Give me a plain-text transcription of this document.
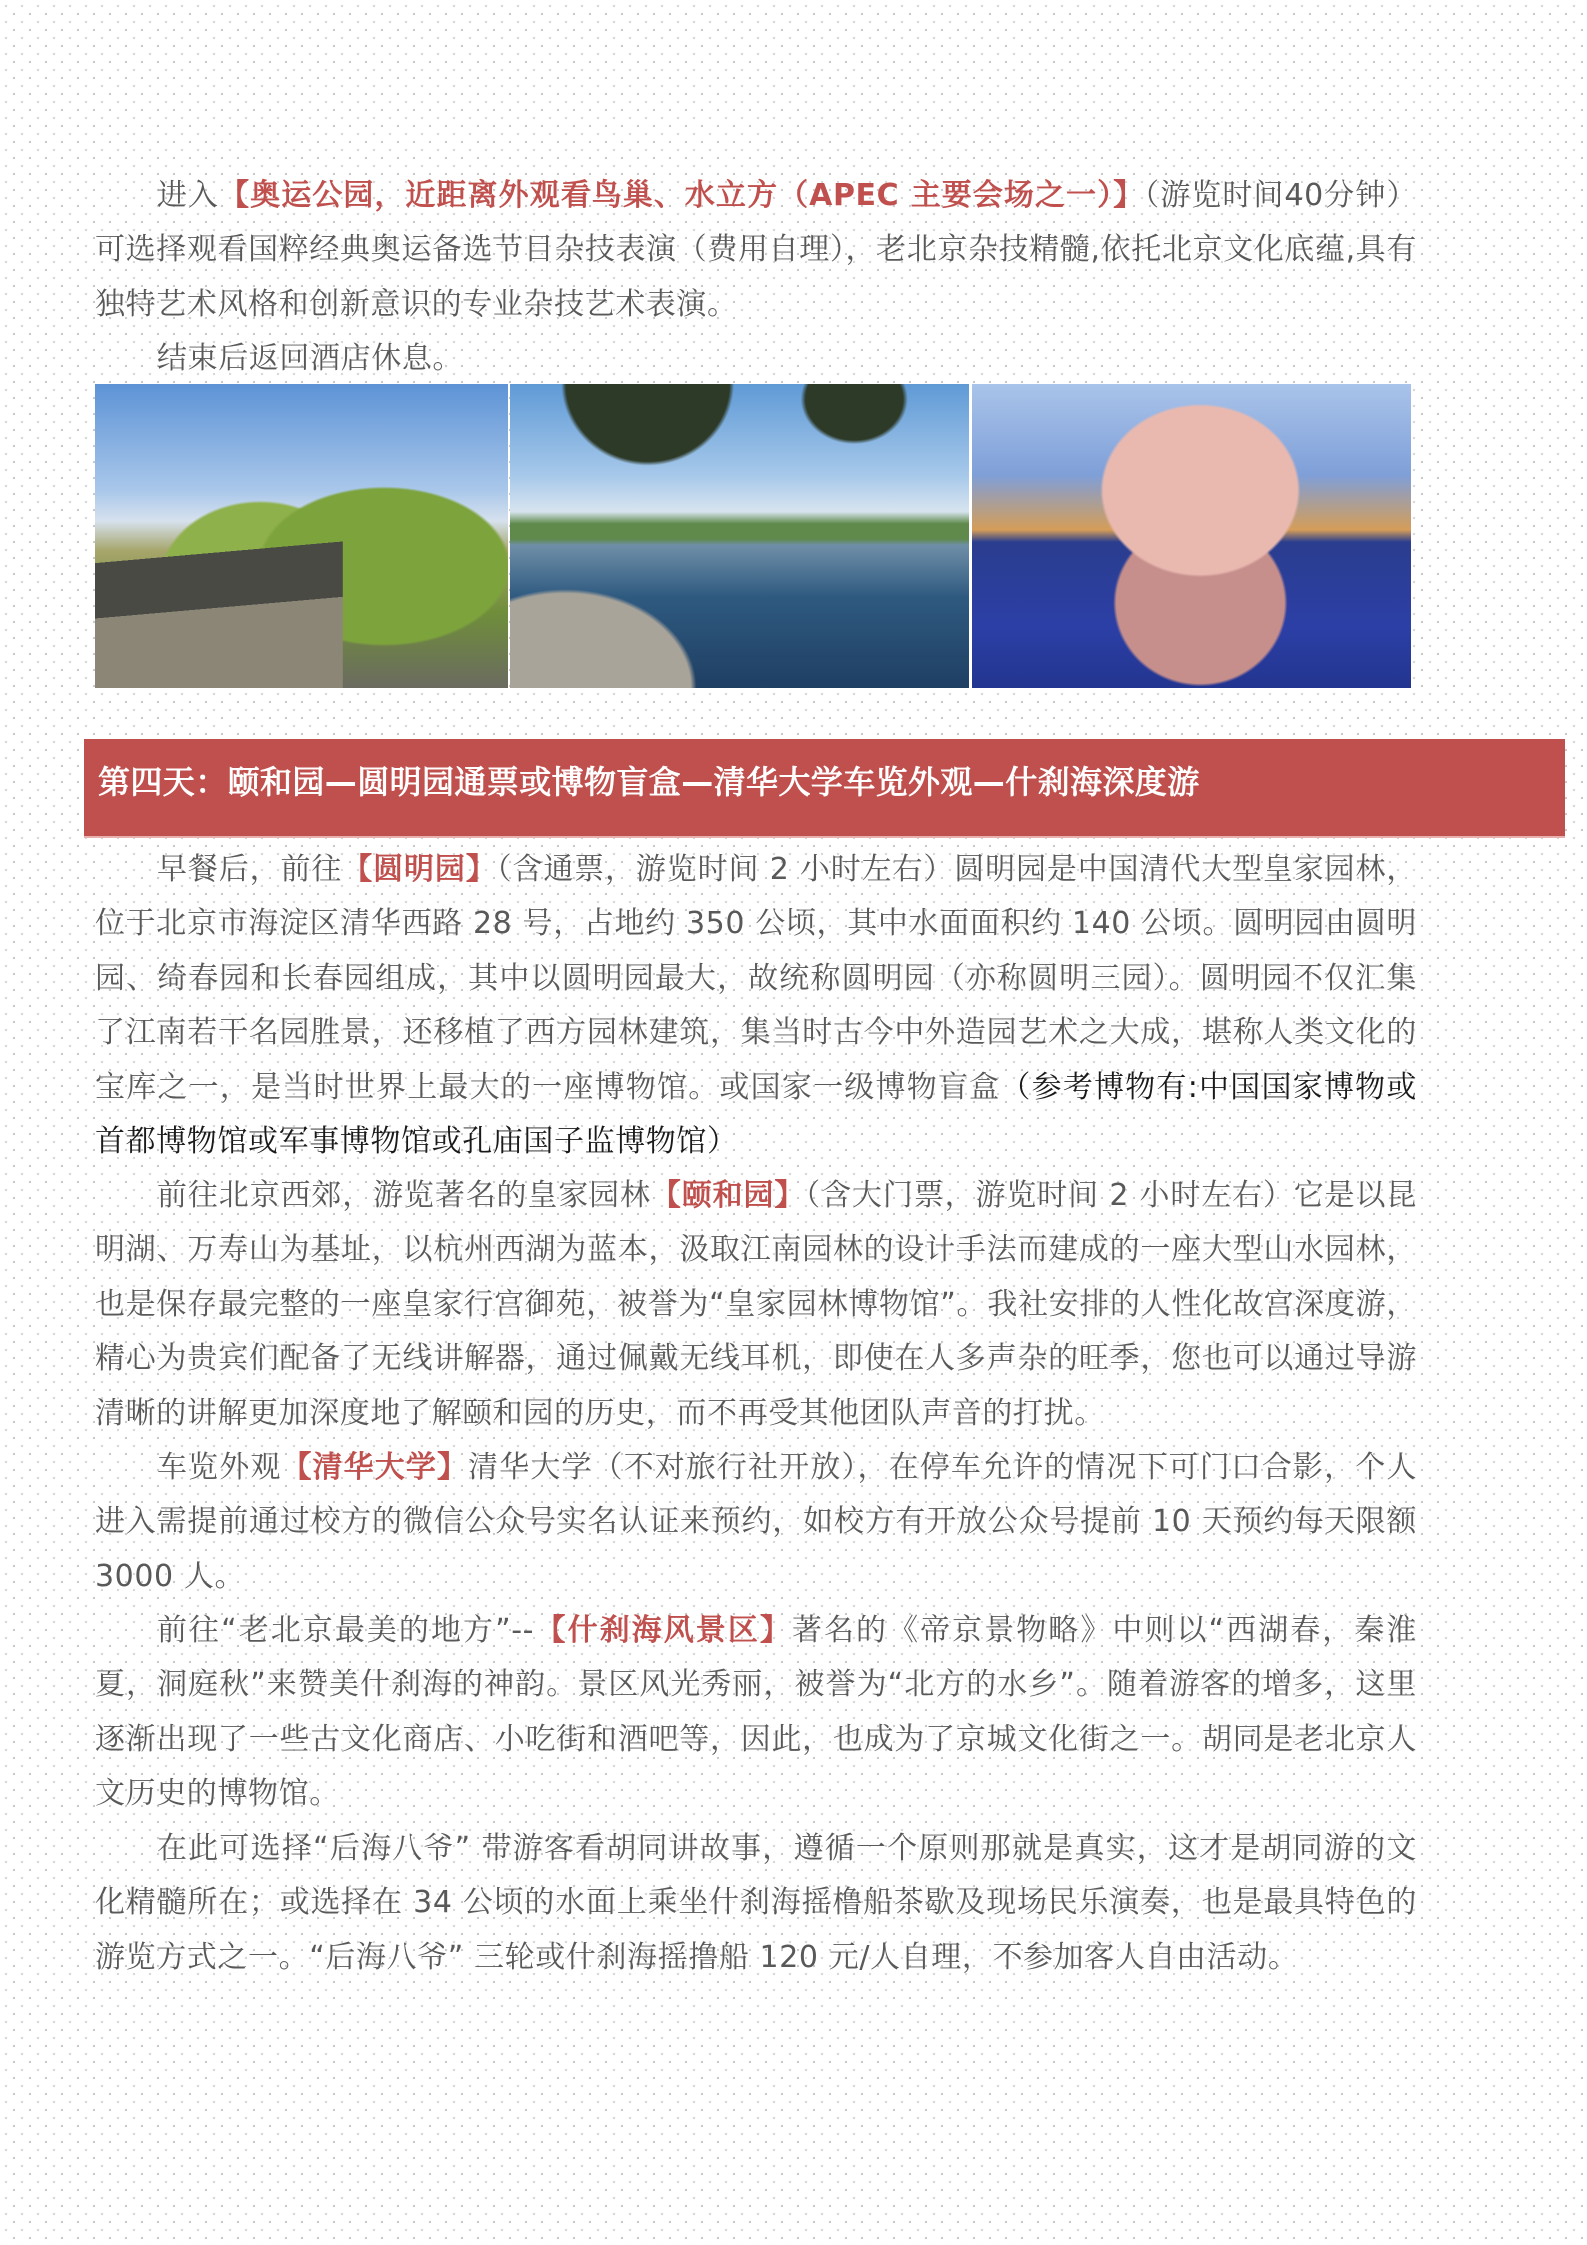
进入【奥运公园，近距离外观看鸟巢、水立方（APEC 主要会场之一）】（游览时间40分钟）可选择观看国粹经典奥运备选节目杂技表演（费用自理），老北京杂技精髓,依托北京文化底蕴,具有独特艺术风格和创新意识的专业杂技艺术表演。

结束后返回酒店休息。

第四天：颐和园—圆明园通票或博物盲盒—清华大学车览外观—什刹海深度游

早餐后，前往【圆明园】（含通票，游览时间 2 小时左右）圆明园是中国清代大型皇家园林，位于北京市海淀区清华西路 28 号，占地约 350 公顷，其中水面面积约 140 公顷。圆明园由圆明园、绮春园和长春园组成，其中以圆明园最大，故统称圆明园（亦称圆明三园）。圆明园不仅汇集了江南若干名园胜景，还移植了西方园林建筑，集当时古今中外造园艺术之大成，堪称人类文化的宝库之一，是当时世界上最大的一座博物馆。或国家一级博物盲盒（参考博物有:中国国家博物或首都博物馆或军事博物馆或孔庙国子监博物馆）

前往北京西郊，游览著名的皇家园林【颐和园】（含大门票，游览时间 2 小时左右）它是以昆明湖、万寿山为基址，以杭州西湖为蓝本，汲取江南园林的设计手法而建成的一座大型山水园林，也是保存最完整的一座皇家行宫御苑，被誉为“皇家园林博物馆”。我社安排的人性化故宫深度游，精心为贵宾们配备了无线讲解器，通过佩戴无线耳机，即使在人多声杂的旺季，您也可以通过导游清晰的讲解更加深度地了解颐和园的历史，而不再受其他团队声音的打扰。

车览外观【清华大学】清华大学（不对旅行社开放），在停车允许的情况下可门口合影，个人进入需提前通过校方的微信公众号实名认证来预约，如校方有开放公众号提前 10 天预约每天限额 3000 人。

前往“老北京最美的地方”--【什刹海风景区】著名的《帝京景物略》中则以“西湖春，秦淮夏，洞庭秋”来赞美什刹海的神韵。景区风光秀丽，被誉为“北方的水乡”。随着游客的增多，这里逐渐出现了一些古文化商店、小吃街和酒吧等，因此，也成为了京城文化街之一。胡同是老北京人文历史的博物馆。

在此可选择“后海八爷” 带游客看胡同讲故事，遵循一个原则那就是真实，这才是胡同游的文化精髓所在；或选择在 34 公顷的水面上乘坐什刹海摇橹船茶歇及现场民乐演奏，也是最具特色的游览方式之一。“后海八爷” 三轮或什刹海摇撸船 120 元/人自理，不参加客人自由活动。
